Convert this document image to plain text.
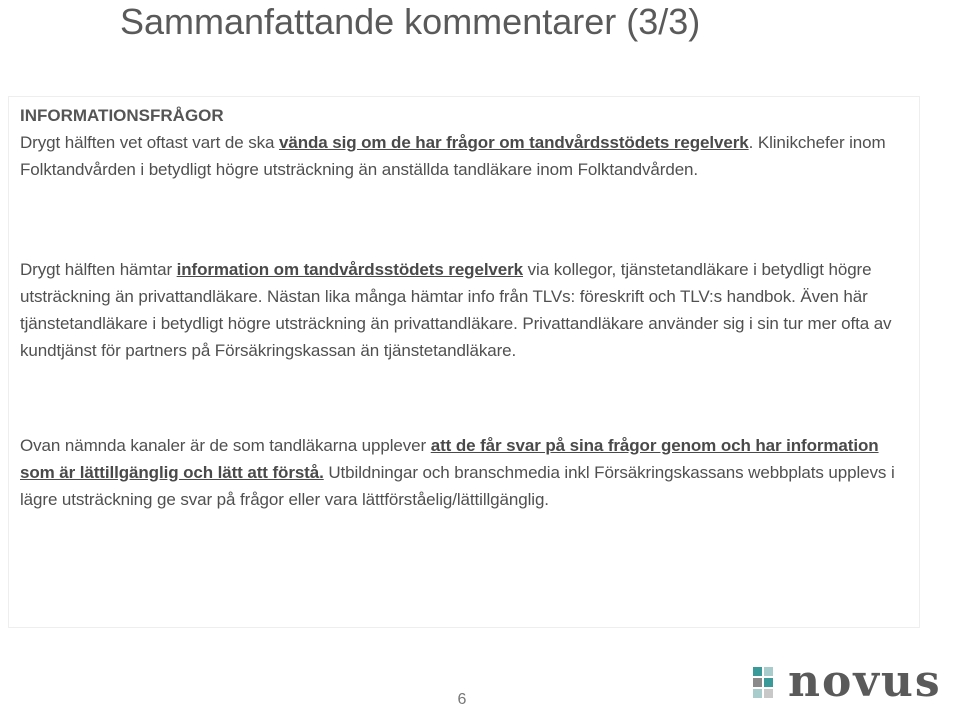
Sammanfattande kommentarer (3/3)

INFORMATIONSFRÅGOR

Drygt hälften vet oftast vart de ska vända sig om de har frågor om tandvårdsstödets regelverk. Klinikchefer inom Folktandvården i betydligt högre utsträckning än anställda tandläkare inom Folktandvården.

Drygt hälften hämtar information om tandvårdsstödets regelverk via kollegor, tjänstetandläkare i betydligt högre utsträckning än privattandläkare. Nästan lika många hämtar info från TLVs: föreskrift och TLV:s handbok. Även här tjänstetandläkare i betydligt högre utsträckning än privattandläkare. Privattandläkare använder sig i sin tur mer ofta av kundtjänst för partners på Försäkringskassan än tjänstetandläkare.

Ovan nämnda kanaler är de som tandläkarna upplever att de får svar på sina frågor genom och har information som är lättillgänglig och lätt att förstå. Utbildningar och branschmedia inkl Försäkringskassans webbplats upplevs i lägre utsträckning ge svar på frågor eller vara lättförståelig/lättillgänglig.

6	novus
